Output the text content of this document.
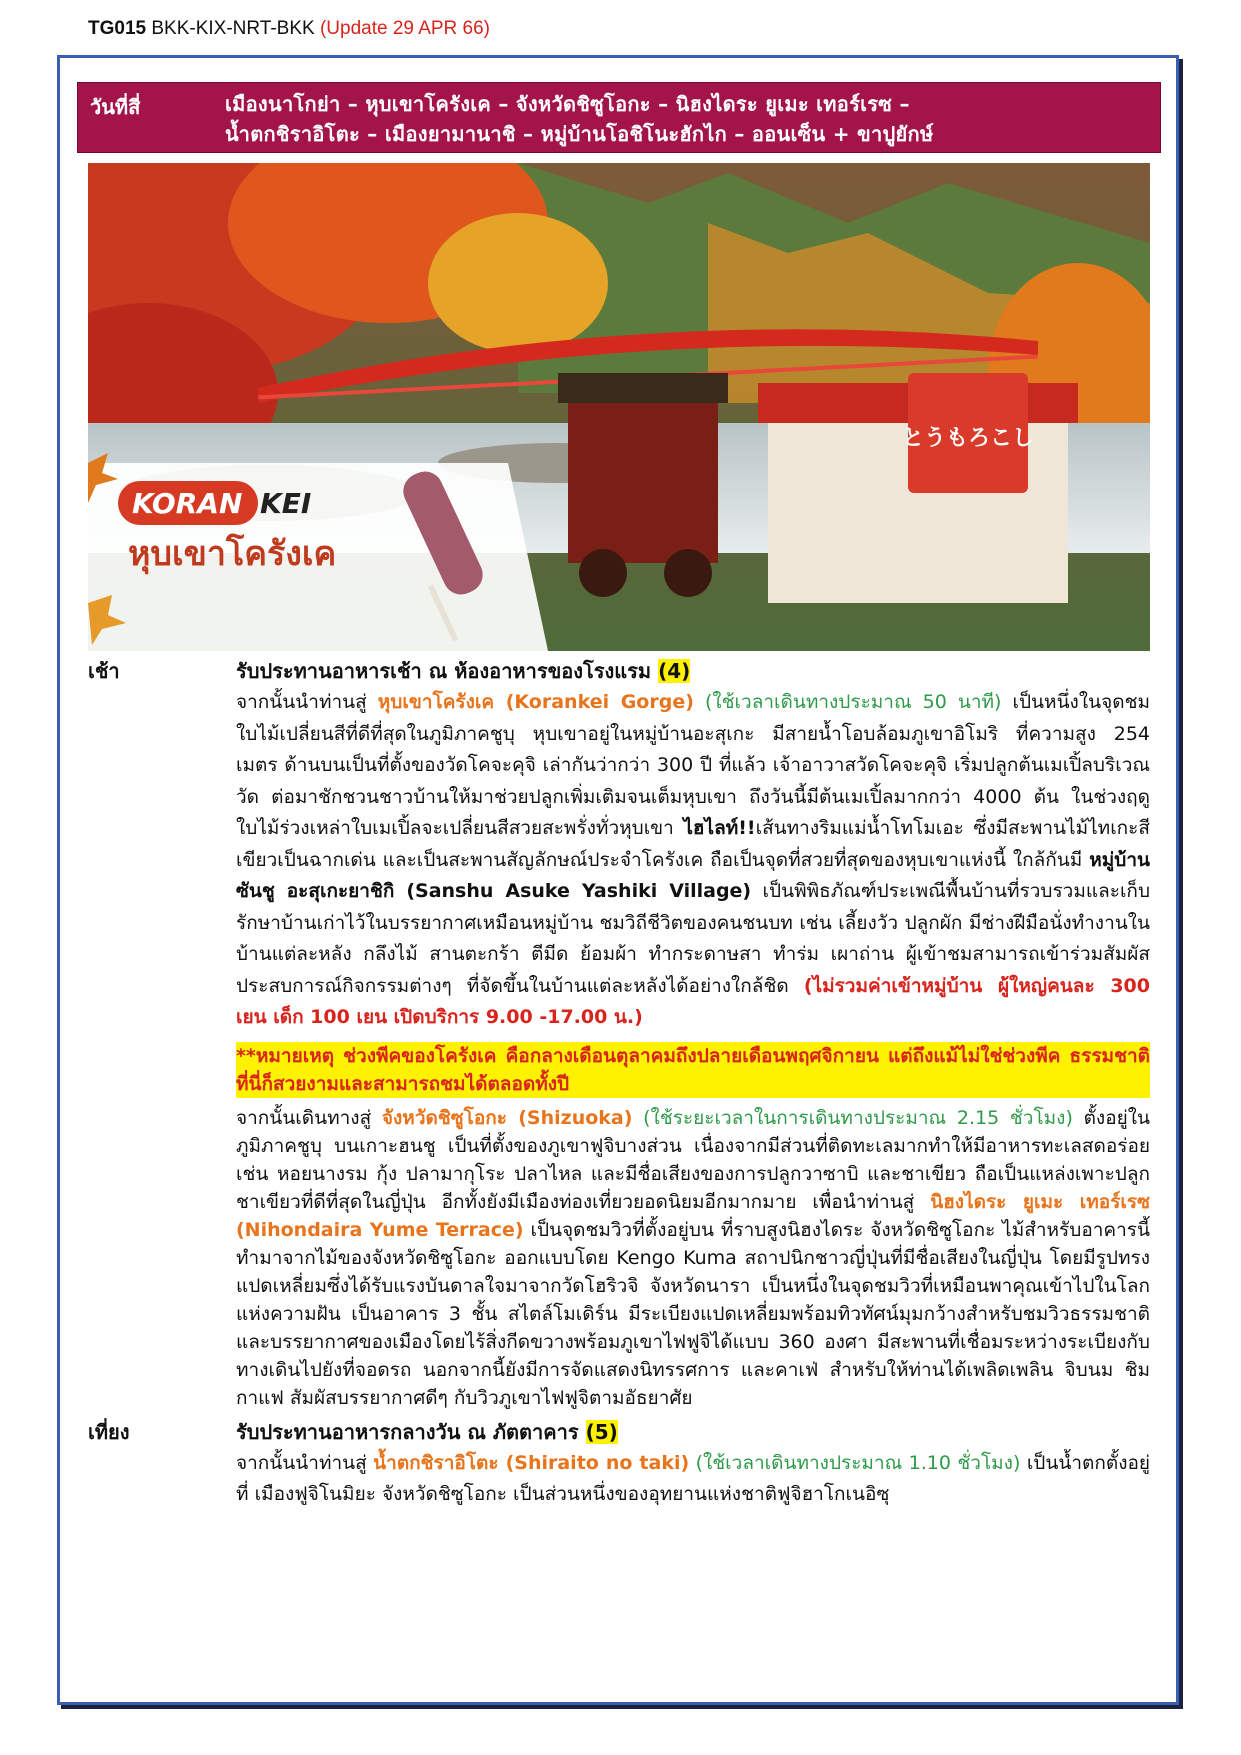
TG015 BKK-KIX-NRT-BKK (Update 29 APR 66)
วันที่สี่	เมืองนาโกย่า – หุบเขาโครังเค – จังหวัดชิซูโอกะ – นิฮงไดระ ยูเมะ เทอร์เรซ –
น้ำตกชิราอิโตะ – เมืองยามานาชิ – หมู่บ้านโอชิโนะฮักไก – ออนเซ็น + ขาปูยักษ์
とうもろこし
KORAN KEI
หุบเขาโครังเค
เช้า	รับประทานอาหารเช้า ณ ห้องอาหารของโรงแรม (4)
จากนั้นนำท่านสู่ หุบเขาโครังเค (Korankei Gorge) (ใช้เวลาเดินทางประมาณ 50 นาที) เป็นหนึ่งในจุดชมใบไม้เปลี่ยนสีที่ดีที่สุดในภูมิภาคชูบุ หุบเขาอยู่ในหมู่บ้านอะสุเกะ มีสายน้ำโอบล้อมภูเขาอิโมริ ที่ความสูง 254 เมตร ด้านบนเป็นที่ตั้งของวัดโคจะคุจิ เล่ากันว่ากว่า 300 ปี ที่แล้ว เจ้าอาวาสวัดโคจะคุจิ เริ่มปลูกต้นเมเปิ้ลบริเวณวัด ต่อมาชักชวนชาวบ้านให้มาช่วยปลูกเพิ่มเติมจนเต็มหุบเขา ถึงวันนี้มีต้นเมเปิ้ลมากกว่า 4000 ต้น ในช่วงฤดูใบไม้ร่วงเหล่าใบเมเปิ้ลจะเปลี่ยนสีสวยสะพรั่งทั่วหุบเขา ไฮไลท์!!เส้นทางริมแม่น้ำโทโมเอะ ซึ่งมีสะพานไม้ไทเกะสีเขียวเป็นฉากเด่น และเป็นสะพานสัญลักษณ์ประจำโครังเค ถือเป็นจุดที่สวยที่สุดของหุบเขาแห่งนี้ ใกล้กันมี หมู่บ้านซันชู อะสุเกะยาชิกิ (Sanshu Asuke Yashiki Village) เป็นพิพิธภัณฑ์ประเพณีพื้นบ้านที่รวบรวมและเก็บรักษาบ้านเก่าไว้ในบรรยากาศเหมือนหมู่บ้าน ชมวิถีชีวิตของคนชนบท เช่น เลี้ยงวัว ปลูกผัก มีช่างฝีมือนั่งทำงานในบ้านแต่ละหลัง กลึงไม้ สานตะกร้า ตีมีด ย้อมผ้า ทำกระดาษสา ทำร่ม เผาถ่าน ผู้เข้าชมสามารถเข้าร่วมสัมผัสประสบการณ์กิจกรรมต่างๆ ที่จัดขึ้นในบ้านแต่ละหลังได้อย่างใกล้ชิด (ไม่รวมค่าเข้าหมู่บ้าน ผู้ใหญ่คนละ 300 เยน เด็ก 100 เยน เปิดบริการ 9.00 -17.00 น.)
**หมายเหตุ ช่วงพีคของโครังเค คือกลางเดือนตุลาคมถึงปลายเดือนพฤศจิกายน แต่ถึงแม้ไม่ใช่ช่วงพีค ธรรมชาติที่นี่ก็สวยงามและสามารถชมได้ตลอดทั้งปี
จากนั้นเดินทางสู่ จังหวัดชิซูโอกะ (Shizuoka) (ใช้ระยะเวลาในการเดินทางประมาณ 2.15 ชั่วโมง) ตั้งอยู่ในภูมิภาคชูบุ บนเกาะฮนชู เป็นที่ตั้งของภูเขาฟูจิบางส่วน เนื่องจากมีส่วนที่ติดทะเลมากทำให้มีอาหารทะเลสดอร่อย เช่น หอยนางรม กุ้ง ปลามากุโระ ปลาไหล และมีชื่อเสียงของการปลูกวาซาบิ และชาเขียว ถือเป็นแหล่งเพาะปลูกชาเขียวที่ดีที่สุดในญี่ปุ่น อีกทั้งยังมีเมืองท่องเที่ยวยอดนิยมอีกมากมาย เพื่อนำท่านสู่ นิฮงไดระ ยูเมะ เทอร์เรซ (Nihondaira Yume Terrace) เป็นจุดชมวิวที่ตั้งอยู่บน ที่ราบสูงนิฮงไดระ จังหวัดชิซูโอกะ ไม้สำหรับอาคารนี้ทำมาจากไม้ของจังหวัดชิซูโอกะ ออกแบบโดย Kengo Kuma สถาปนิกชาวญี่ปุ่นที่มีชื่อเสียงในญี่ปุ่น โดยมีรูปทรงแปดเหลี่ยมซึ่งได้รับแรงบันดาลใจมาจากวัดโฮริวจิ จังหวัดนารา เป็นหนึ่งในจุดชมวิวที่เหมือนพาคุณเข้าไปในโลกแห่งความฝัน เป็นอาคาร 3 ชั้น สไตล์โมเดิร์น มีระเบียงแปดเหลี่ยมพร้อมทิวทัศน์มุมกว้างสำหรับชมวิวธรรมชาติและบรรยากาศของเมืองโดยไร้สิ่งกีดขวางพร้อมภูเขาไฟฟูจิได้แบบ 360 องศา มีสะพานที่เชื่อมระหว่างระเบียงกับทางเดินไปยังที่จอดรถ นอกจากนี้ยังมีการจัดแสดงนิทรรศการ และคาเฟ่ สำหรับให้ท่านได้เพลิดเพลิน จิบนม ชิมกาแฟ สัมผัสบรรยากาศดีๆ กับวิวภูเขาไฟฟูจิตามอัธยาศัย
เที่ยง	รับประทานอาหารกลางวัน ณ ภัตตาคาร (5)
จากนั้นนำท่านสู่ น้ำตกชิราอิโตะ (Shiraito no taki) (ใช้เวลาเดินทางประมาณ 1.10 ชั่วโมง) เป็นน้ำตกตั้งอยู่ที่ เมืองฟูจิโนมิยะ จังหวัดชิซูโอกะ เป็นส่วนหนึ่งของอุทยานแห่งชาติฟูจิฮาโกเนอิซุ
